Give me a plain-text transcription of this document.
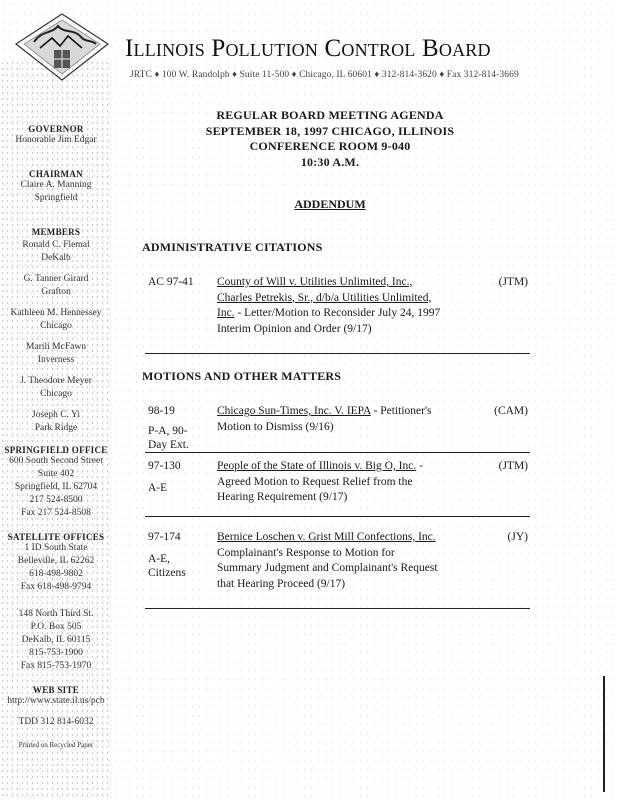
Illinois Pollution Control Board
JRTC ♦ 100 W. Randolph ♦ Suite 11-500 ♦ Chicago, IL 60601 ♦ 312-814-3620 ♦ Fax 312-814-3669
GOVERNOR
Honorable Jim Edgar
CHAIRMAN
Claire A. Manning
Springfield
MEMBERS
Ronald C. Flemal
DeKalb
G. Tanner Girard
Grafton
Kathleen M. Hennessey
Chicago
Marili McFawn
Inverness
J. Theodore Meyer
Chicago
Joseph C. Yi
Park Ridge
SPRINGFIELD OFFICE
600 South Second Street
Suite 402
Springfield, IL 62704
217 524-8500
Fax 217 524-8508
SATELLITE OFFICES
1 ID South State
Belleville, IL 62262
618-498-9802
Fax 618-498-9794
148 North Third St.
P.O. Box 505
DeKalb, IL 60115
815-753-1900
Fax 815-753-1970
WEB SITE
http://www.state.il.us/pcb
TDD 312 814-6032
Printed on Recycled Paper
REGULAR BOARD MEETING AGENDA
SEPTEMBER 18, 1997 CHICAGO, ILLINOIS
CONFERENCE ROOM 9-040
10:30 A.M.
ADDENDUM
ADMINISTRATIVE CITATIONS
AC 97-41	County of Will v. Utilities Unlimited, Inc.,
Charles Petrekis, Sr., d/b/a Utilities Unlimited,
Inc. - Letter/Motion to Reconsider July 24, 1997
Interim Opinion and Order (9/17)
(JTM)
MOTIONS AND OTHER MATTERS
98-19
P-A, 90-
Day Ext.
Chicago Sun-Times, Inc. V. IEPA - Petitioner's
Motion to Dismiss (9/16)
(CAM)
97-130
A-E
People of the State of Illinois v. Big O, Inc. -
Agreed Motion to Request Relief from the
Hearing Requirement (9/17)
(JTM)
97-174
A-E,
Citizens
Bernice Loschen v. Grist Mill Confections, Inc.
Complainant's Response to Motion for
Summary Judgment and Complainant's Request
that Hearing Proceed (9/17)
(JY)
